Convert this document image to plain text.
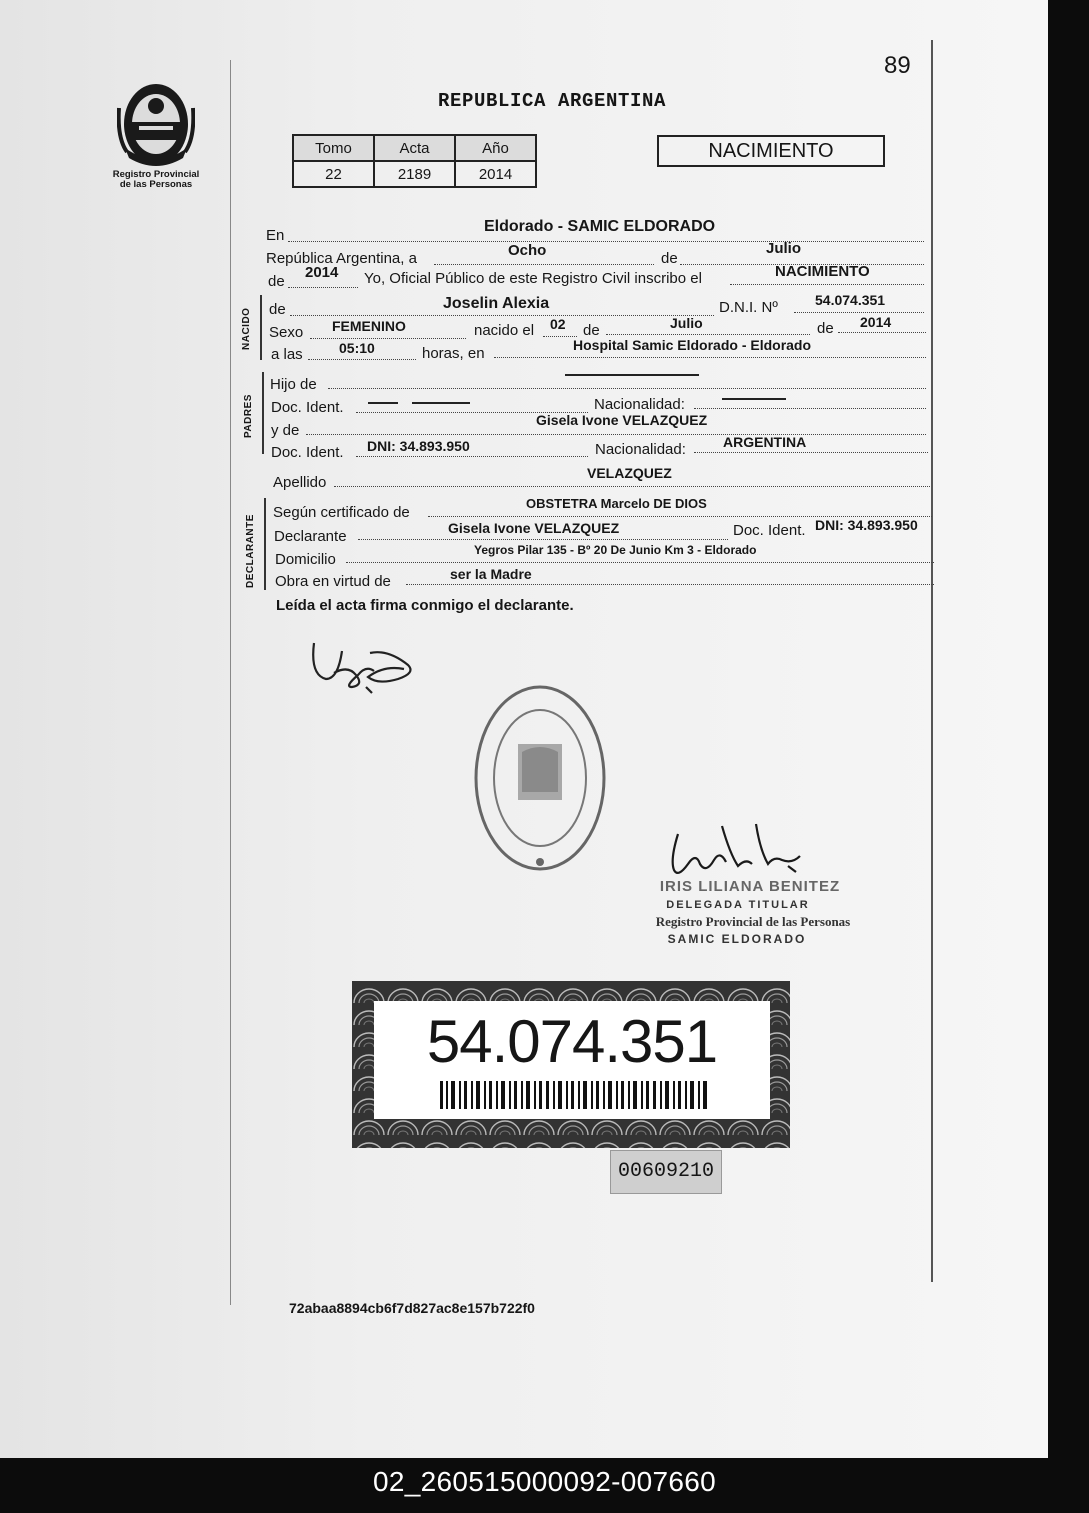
89
Registro Provincial
de las Personas
REPUBLICA ARGENTINA
Tomo	Acta	Año
22	2189	2014
NACIMIENTO
En
Eldorado - SAMIC ELDORADO
República Argentina, a	Ocho	de
Julio
de
2014 Yo, Oficial Público de este Registro Civil inscribo el	NACIMIENTO
NACIDO de	Joselin Alexia	D.N.I. Nº	54.074.351
Sexo FEMENINO	nacido el 02 de	Julio	de 2014
a las	05:10	horas, en	Hospital Samic Eldorado - Eldorado
PADRES
Hijo de
Doc. Ident.	Nacionalidad:
y de
Gisela Ivone VELAZQUEZ
Doc. Ident. DNI: 34.893.950	Nacionalidad:	ARGENTINA
Apellido
VELAZQUEZ
DECLARANTE
Según certificado de
OBSTETRA Marcelo DE DIOS
Declarante	Gisela Ivone VELAZQUEZ	Doc. Ident. DNI: 34.893.950
Domicilio
Yegros Pilar 135 - Bº 20 De Junio Km 3 - Eldorado
Obra en virtud de	ser la Madre
Leída el acta firma conmigo el declarante.
IRIS LILIANA BENITEZ
DELEGADA TITULAR
Registro Provincial de las Personas
SAMIC ELDORADO
54.074.351
00609210
72abaa8894cb6f7d827ac8e157b722f0
02_260515000092-007660
